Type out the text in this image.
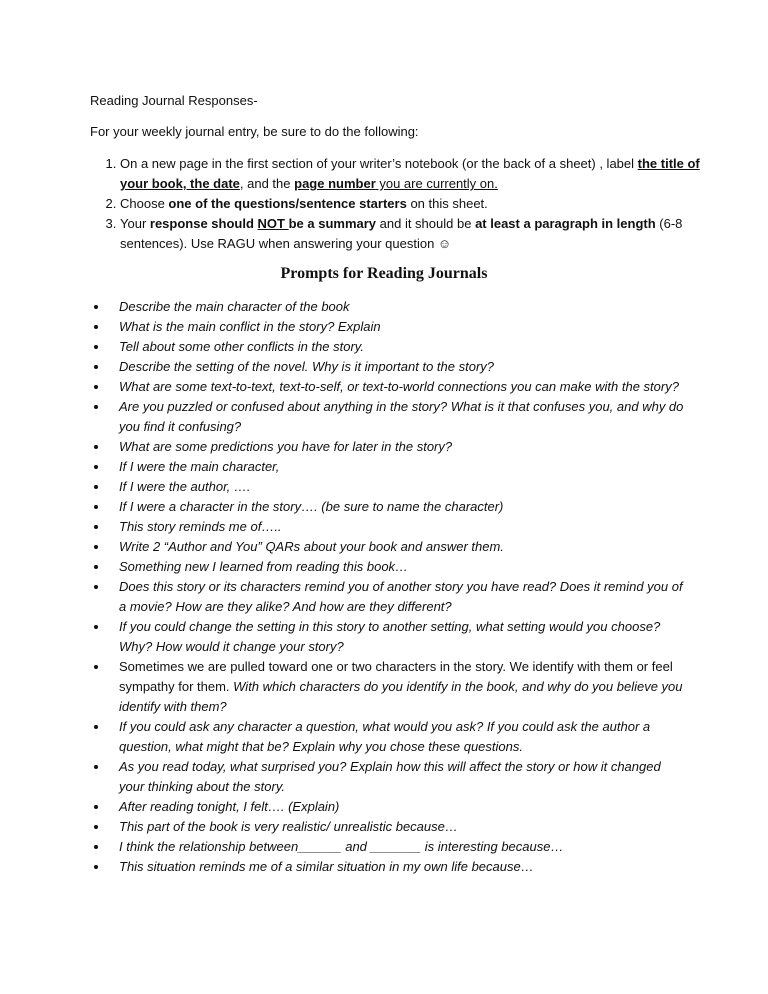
Reading Journal Responses-

For your weekly journal entry, be sure to do the following:

1. On a new page in the first section of your writer’s notebook (or the back of a sheet) , label the title of your book, the date, and the page number you are currently on.
2. Choose one of the questions/sentence starters on this sheet.
3. Your response should NOT be a summary and it should be at least a paragraph in length (6-8 sentences). Use RAGU when answering your question ☺
Prompts for Reading Journals
Describe the main character of the book
What is the main conflict in the story? Explain
Tell about some other conflicts in the story.
Describe the setting of the novel. Why is it important to the story?
What are some text-to-text, text-to-self, or text-to-world connections you can make with the story?
Are you puzzled or confused about anything in the story? What is it that confuses you, and why do you find it confusing?
What are some predictions you have for later in the story?
If I were the main character,
If I were the author, ….
If I were a character in the story…. (be sure to name the character)
This story reminds me of…..
Write 2 “Author and You” QARs about your book and answer them.
Something new I learned from reading this book…
Does this story or its characters remind you of another story you have read? Does it remind you of a movie? How are they alike? And how are they different?
If you could change the setting in this story to another setting, what setting would you choose? Why? How would it change your story?
Sometimes we are pulled toward one or two characters in the story. We identify with them or feel sympathy for them. With which characters do you identify in the book, and why do you believe you identify with them?
If you could ask any character a question, what would you ask? If you could ask the author a question, what might that be? Explain why you chose these questions.
As you read today, what surprised you? Explain how this will affect the story or how it changed your thinking about the story.
After reading tonight, I felt…. (Explain)
This part of the book is very realistic/ unrealistic because…
I think the relationship between______ and _______ is interesting because…
This situation reminds me of a similar situation in my own life because…
